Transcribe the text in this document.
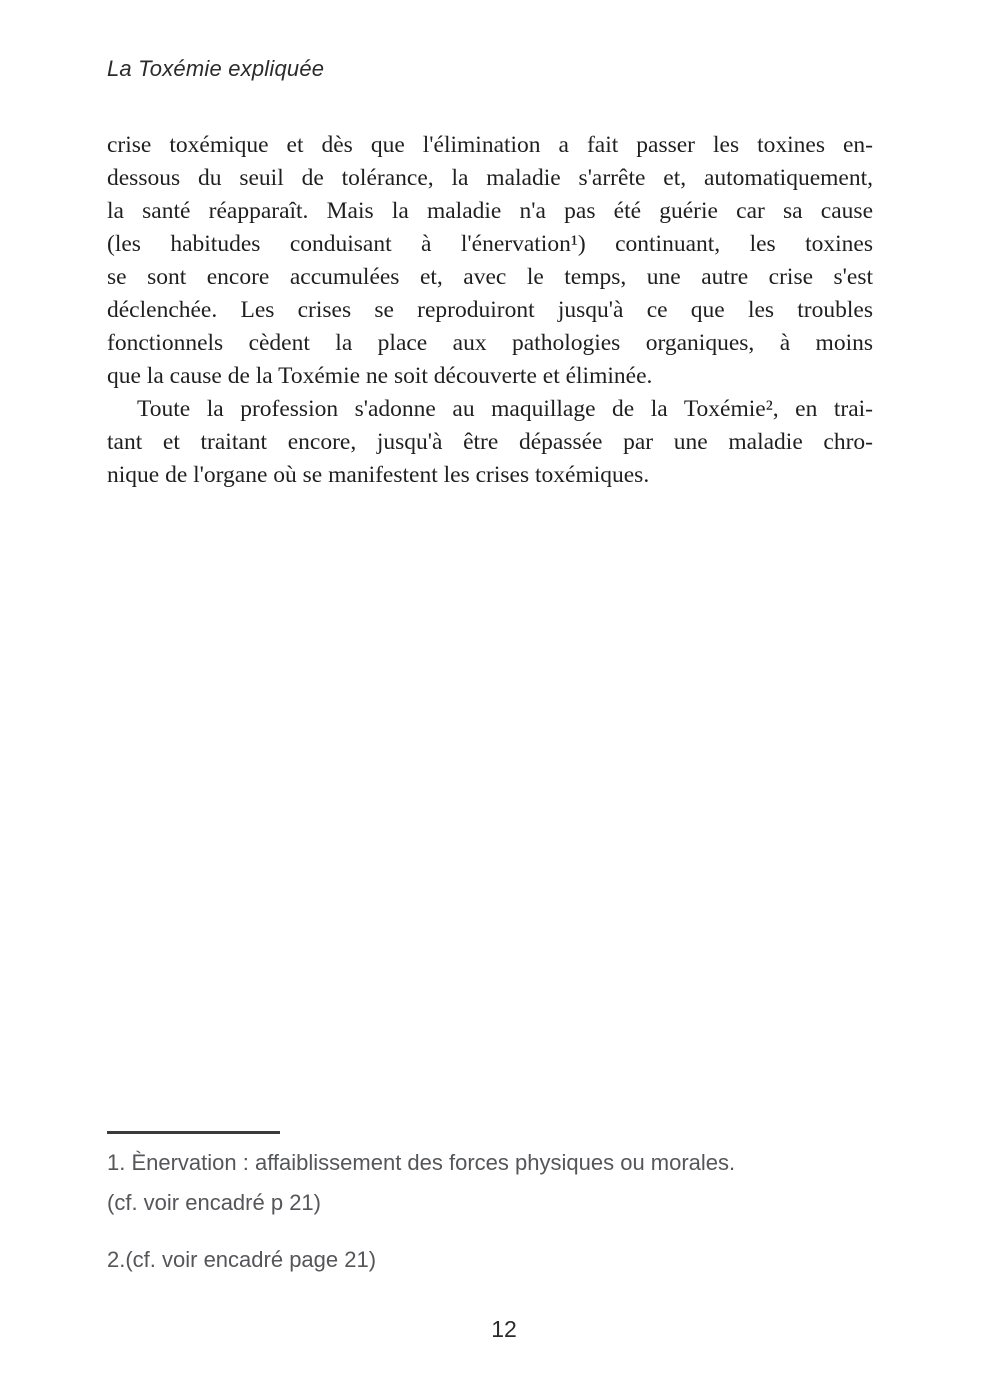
La Toxémie expliquée
crise toxémique et dès que l'élimination a fait passer les toxines en-
dessous du seuil de tolérance, la maladie s'arrête et, automatiquement,
la santé réapparaît. Mais la maladie n'a pas été guérie car sa cause
(les habitudes conduisant à l'énervation¹) continuant, les toxines
se sont encore accumulées et, avec le temps, une autre crise s'est
déclenchée. Les crises se reproduiront jusqu'à ce que les troubles
fonctionnels cèdent la place aux pathologies organiques, à moins
que la cause de la Toxémie ne soit découverte et éliminée.
Toute la profession s'adonne au maquillage de la Toxémie², en trai-
tant et traitant encore, jusqu'à être dépassée par une maladie chro-
nique de l'organe où se manifestent les crises toxémiques.
1. Ènervation : affaiblissement des forces physiques ou morales.
(cf. voir encadré p 21)
2.(cf. voir encadré page 21)
12
